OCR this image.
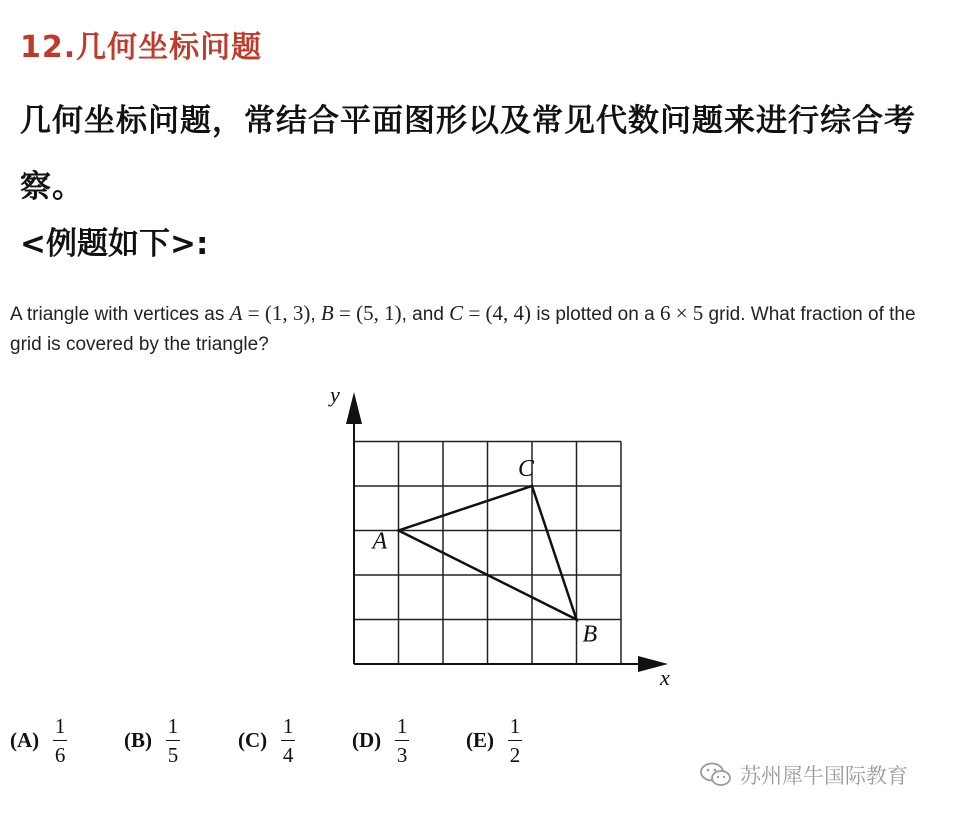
12.几何坐标问题
几何坐标问题，常结合平面图形以及常见代数问题来进行综合考察。
<例题如下>:
A triangle with vertices as A = (1, 3), B = (5, 1), and C = (4, 4) is plotted on a 6 × 5 grid. What fraction of the grid is covered by the triangle?
x
y
A
B
C
$(A) \frac{1}{6}$	$(B) \frac{1}{5}$	$(C) \frac{1}{4}$	$(D) \frac{1}{3}$	$(E) \frac{1}{2}$
苏州犀牛国际教育
